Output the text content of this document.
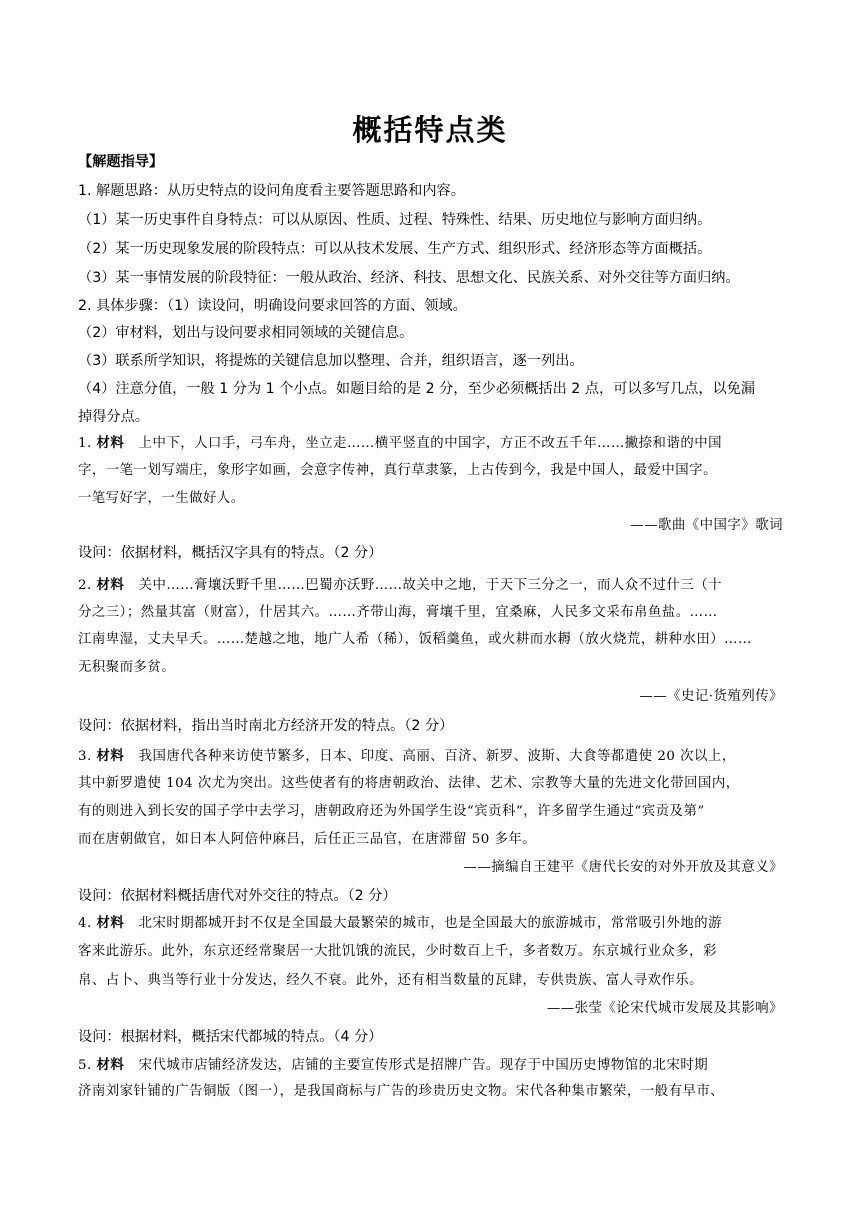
概括特点类
【解题指导】
1. 解题思路：从历史特点的设问角度看主要答题思路和内容。
（1）某一历史事件自身特点：可以从原因、性质、过程、特殊性、结果、历史地位与影响方面归纳。
（2）某一历史现象发展的阶段特点：可以从技术发展、生产方式、组织形式、经济形态等方面概括。
（3）某一事情发展的阶段特征：一般从政治、经济、科技、思想文化、民族关系、对外交往等方面归纳。
2. 具体步骤：（1）读设问，明确设问要求回答的方面、领域。
（2）审材料，划出与设问要求相同领域的关键信息。
（3）联系所学知识，将提炼的关键信息加以整理、合并，组织语言，逐一列出。
（4）注意分值，一般 1 分为 1 个小点。如题目给的是 2 分，至少必须概括出 2 点，可以多写几点，以免漏
掉得分点。
1. 材料 上中下，人口手，弓车舟，坐立走……横平竖直的中国字，方正不改五千年……撇捺和谐的中国
字，一笔一划写端庄，象形字如画，会意字传神，真行草隶篆，上古传到今，我是中国人，最爱中国字。
一笔写好字，一生做好人。
——歌曲《中国字》歌词
设问：依据材料，概括汉字具有的特点。（2 分）
2. 材料 关中……膏壤沃野千里……巴蜀亦沃野……故关中之地，于天下三分之一，而人众不过什三（十
分之三）；然量其富（财富），什居其六。……齐带山海，膏壤千里，宜桑麻，人民多文采布帛鱼盐。……
江南卑湿，丈夫早夭。……楚越之地，地广人希（稀），饭稻羹鱼，或火耕而水耨（放火烧荒，耕种水田）……
无积聚而多贫。
——《史记·货殖列传》
设问：依据材料，指出当时南北方经济开发的特点。（2 分）
3. 材料 我国唐代各种来访使节繁多，日本、印度、高丽、百济、新罗、波斯、大食等都遣使 20 次以上，
其中新罗遣使 104 次尤为突出。这些使者有的将唐朝政治、法律、艺术、宗教等大量的先进文化带回国内，
有的则进入到长安的国子学中去学习，唐朝政府还为外国学生设“宾贡科”，许多留学生通过“宾贡及第”
而在唐朝做官，如日本人阿倍仲麻吕，后任正三品官，在唐滞留 50 多年。
——摘编自王建平《唐代长安的对外开放及其意义》
设问：依据材料概括唐代对外交往的特点。（2 分）
4. 材料 北宋时期都城开封不仅是全国最大最繁荣的城市，也是全国最大的旅游城市，常常吸引外地的游
客来此游乐。此外，东京还经常聚居一大批饥饿的流民，少时数百上千，多者数万。东京城行业众多，彩
帛、占卜、典当等行业十分发达，经久不衰。此外，还有相当数量的瓦肆，专供贵族、富人寻欢作乐。
——张莹《论宋代城市发展及其影响》
设问：根据材料，概括宋代都城的特点。（4 分）
5. 材料 宋代城市店铺经济发达，店铺的主要宣传形式是招牌广告。现存于中国历史博物馆的北宋时期
济南刘家针铺的广告铜版（图一），是我国商标与广告的珍贵历史文物。宋代各种集市繁荣，一般有早市、
